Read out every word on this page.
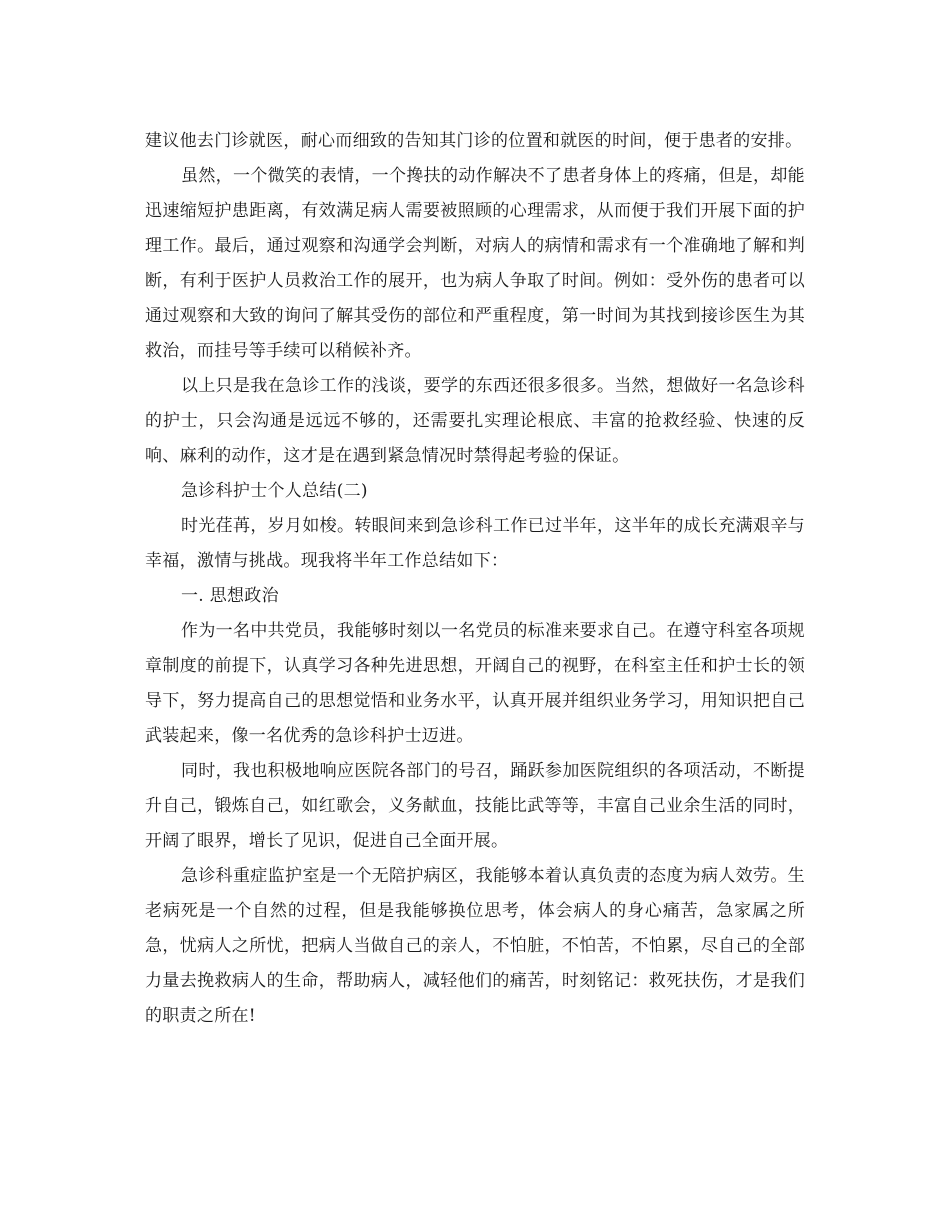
建议他去门诊就医，耐心而细致的告知其门诊的位置和就医的时间，便于患者的安排。

虽然，一个微笑的表情，一个搀扶的动作解决不了患者身体上的疼痛，但是，却能迅速缩短护患距离，有效满足病人需要被照顾的心理需求，从而便于我们开展下面的护理工作。最后，通过观察和沟通学会判断，对病人的病情和需求有一个准确地了解和判断，有利于医护人员救治工作的展开，也为病人争取了时间。例如：受外伤的患者可以通过观察和大致的询问了解其受伤的部位和严重程度，第一时间为其找到接诊医生为其救治，而挂号等手续可以稍候补齐。

以上只是我在急诊工作的浅谈，要学的东西还很多很多。当然，想做好一名急诊科的护士，只会沟通是远远不够的，还需要扎实理论根底、丰富的抢救经验、快速的反响、麻利的动作，这才是在遇到紧急情况时禁得起考验的保证。

急诊科护士个人总结(二)

时光荏苒，岁月如梭。转眼间来到急诊科工作已过半年，这半年的成长充满艰辛与幸福，激情与挑战。现我将半年工作总结如下：

一. 思想政治

作为一名中共党员，我能够时刻以一名党员的标准来要求自己。在遵守科室各项规章制度的前提下，认真学习各种先进思想，开阔自己的视野，在科室主任和护士长的领导下，努力提高自己的思想觉悟和业务水平，认真开展并组织业务学习，用知识把自己武装起来，像一名优秀的急诊科护士迈进。

同时，我也积极地响应医院各部门的号召，踊跃参加医院组织的各项活动，不断提升自己，锻炼自己，如红歌会，义务献血，技能比武等等，丰富自己业余生活的同时，开阔了眼界，增长了见识，促进自己全面开展。

急诊科重症监护室是一个无陪护病区，我能够本着认真负责的态度为病人效劳。生老病死是一个自然的过程，但是我能够换位思考，体会病人的身心痛苦，急家属之所急，忧病人之所忧，把病人当做自己的亲人，不怕脏，不怕苦，不怕累，尽自己的全部力量去挽救病人的生命，帮助病人，减轻他们的痛苦，时刻铭记：救死扶伤，才是我们的职责之所在!
